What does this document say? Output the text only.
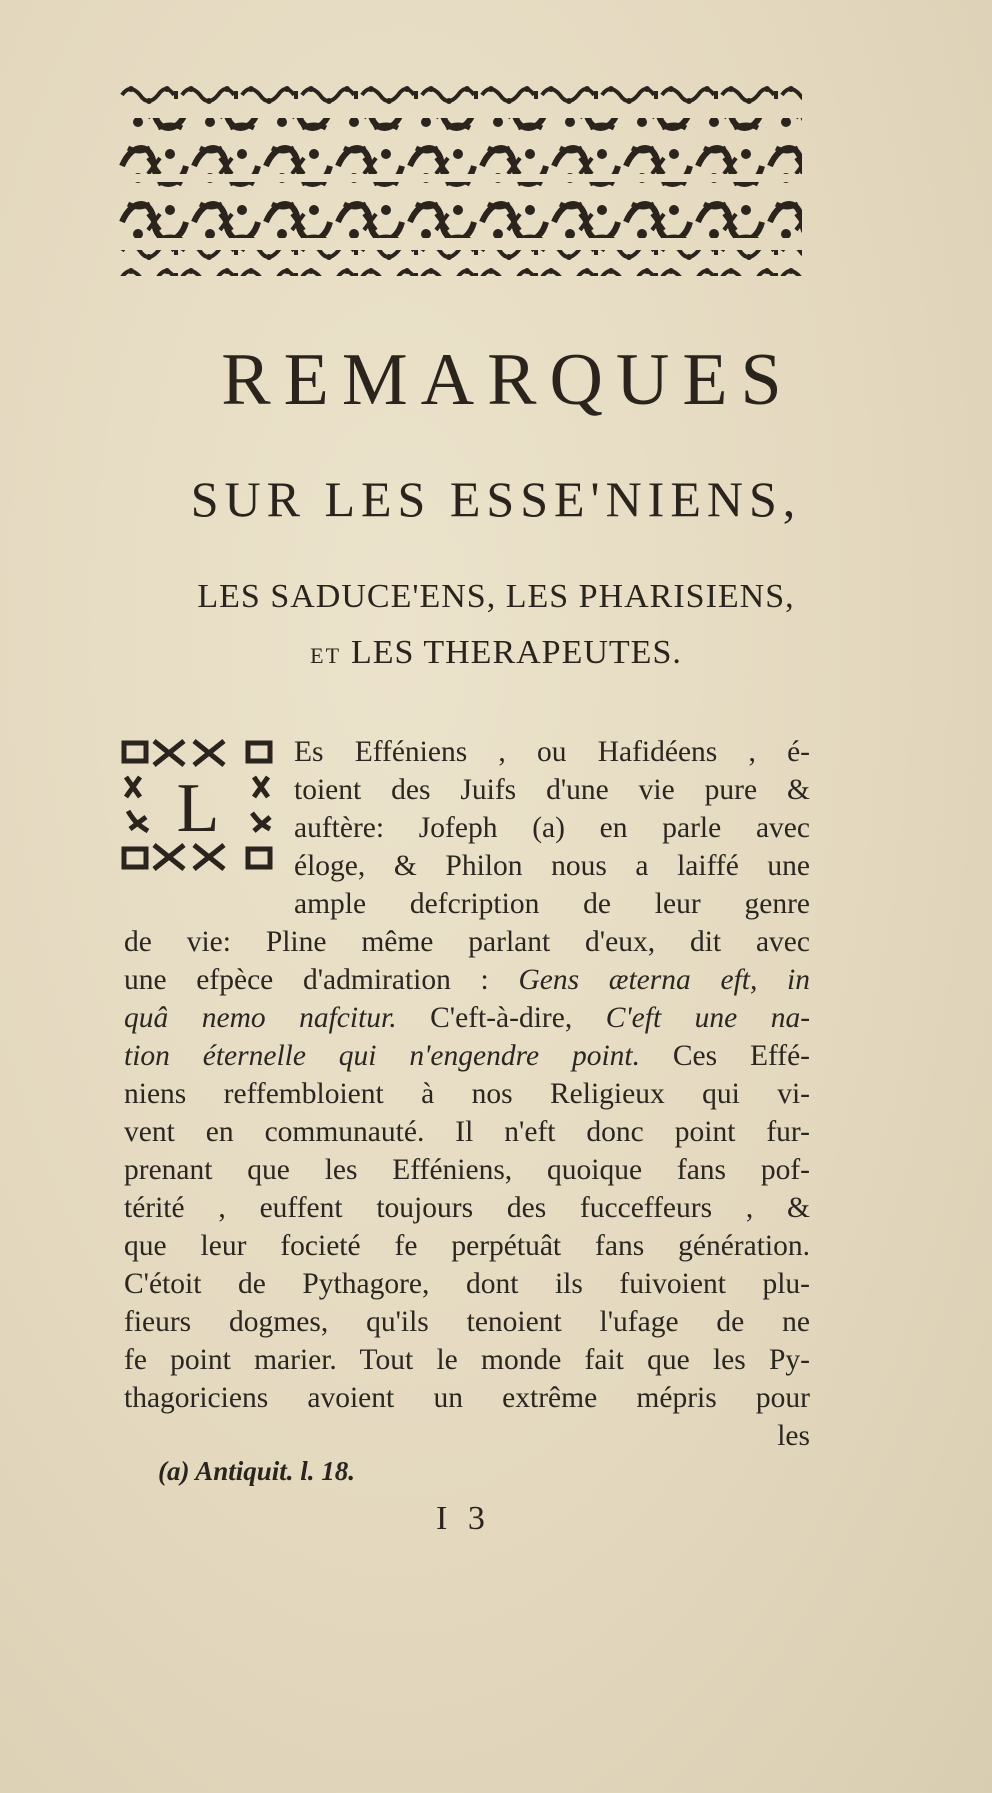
REMARQUES
SUR LES ESSE'NIENS,
LES SADUCE'ENS, LES PHARISIENS,
ET LES THERAPEUTES.
L
Es Efféniens , ou Hafidéens , é-
toient des Juifs d'une vie pure &
auftère: Jofeph (a) en parle avec
éloge, & Philon nous a laiffé une
ample defcription de leur genre
de vie: Pline même parlant d'eux, dit avec
une efpèce d'admiration : Gens æterna eft, in
quâ nemo nafcitur. C'eft-à-dire, C'eft une na-
tion éternelle qui n'engendre point. Ces Effé-
niens reffembloient à nos Religieux qui vi-
vent en communauté. Il n'eft donc point fur-
prenant que les Efféniens, quoique fans pof-
térité , euffent toujours des fucceffeurs , &
que leur focieté fe perpétuât fans génération.
C'étoit de Pythagore, dont ils fuivoient plu-
fieurs dogmes, qu'ils tenoient l'ufage de ne
fe point marier. Tout le monde fait que les Py-
thagoriciens avoient un extrême mépris pour
les
(a) Antiquit. l. 18.
I 3
